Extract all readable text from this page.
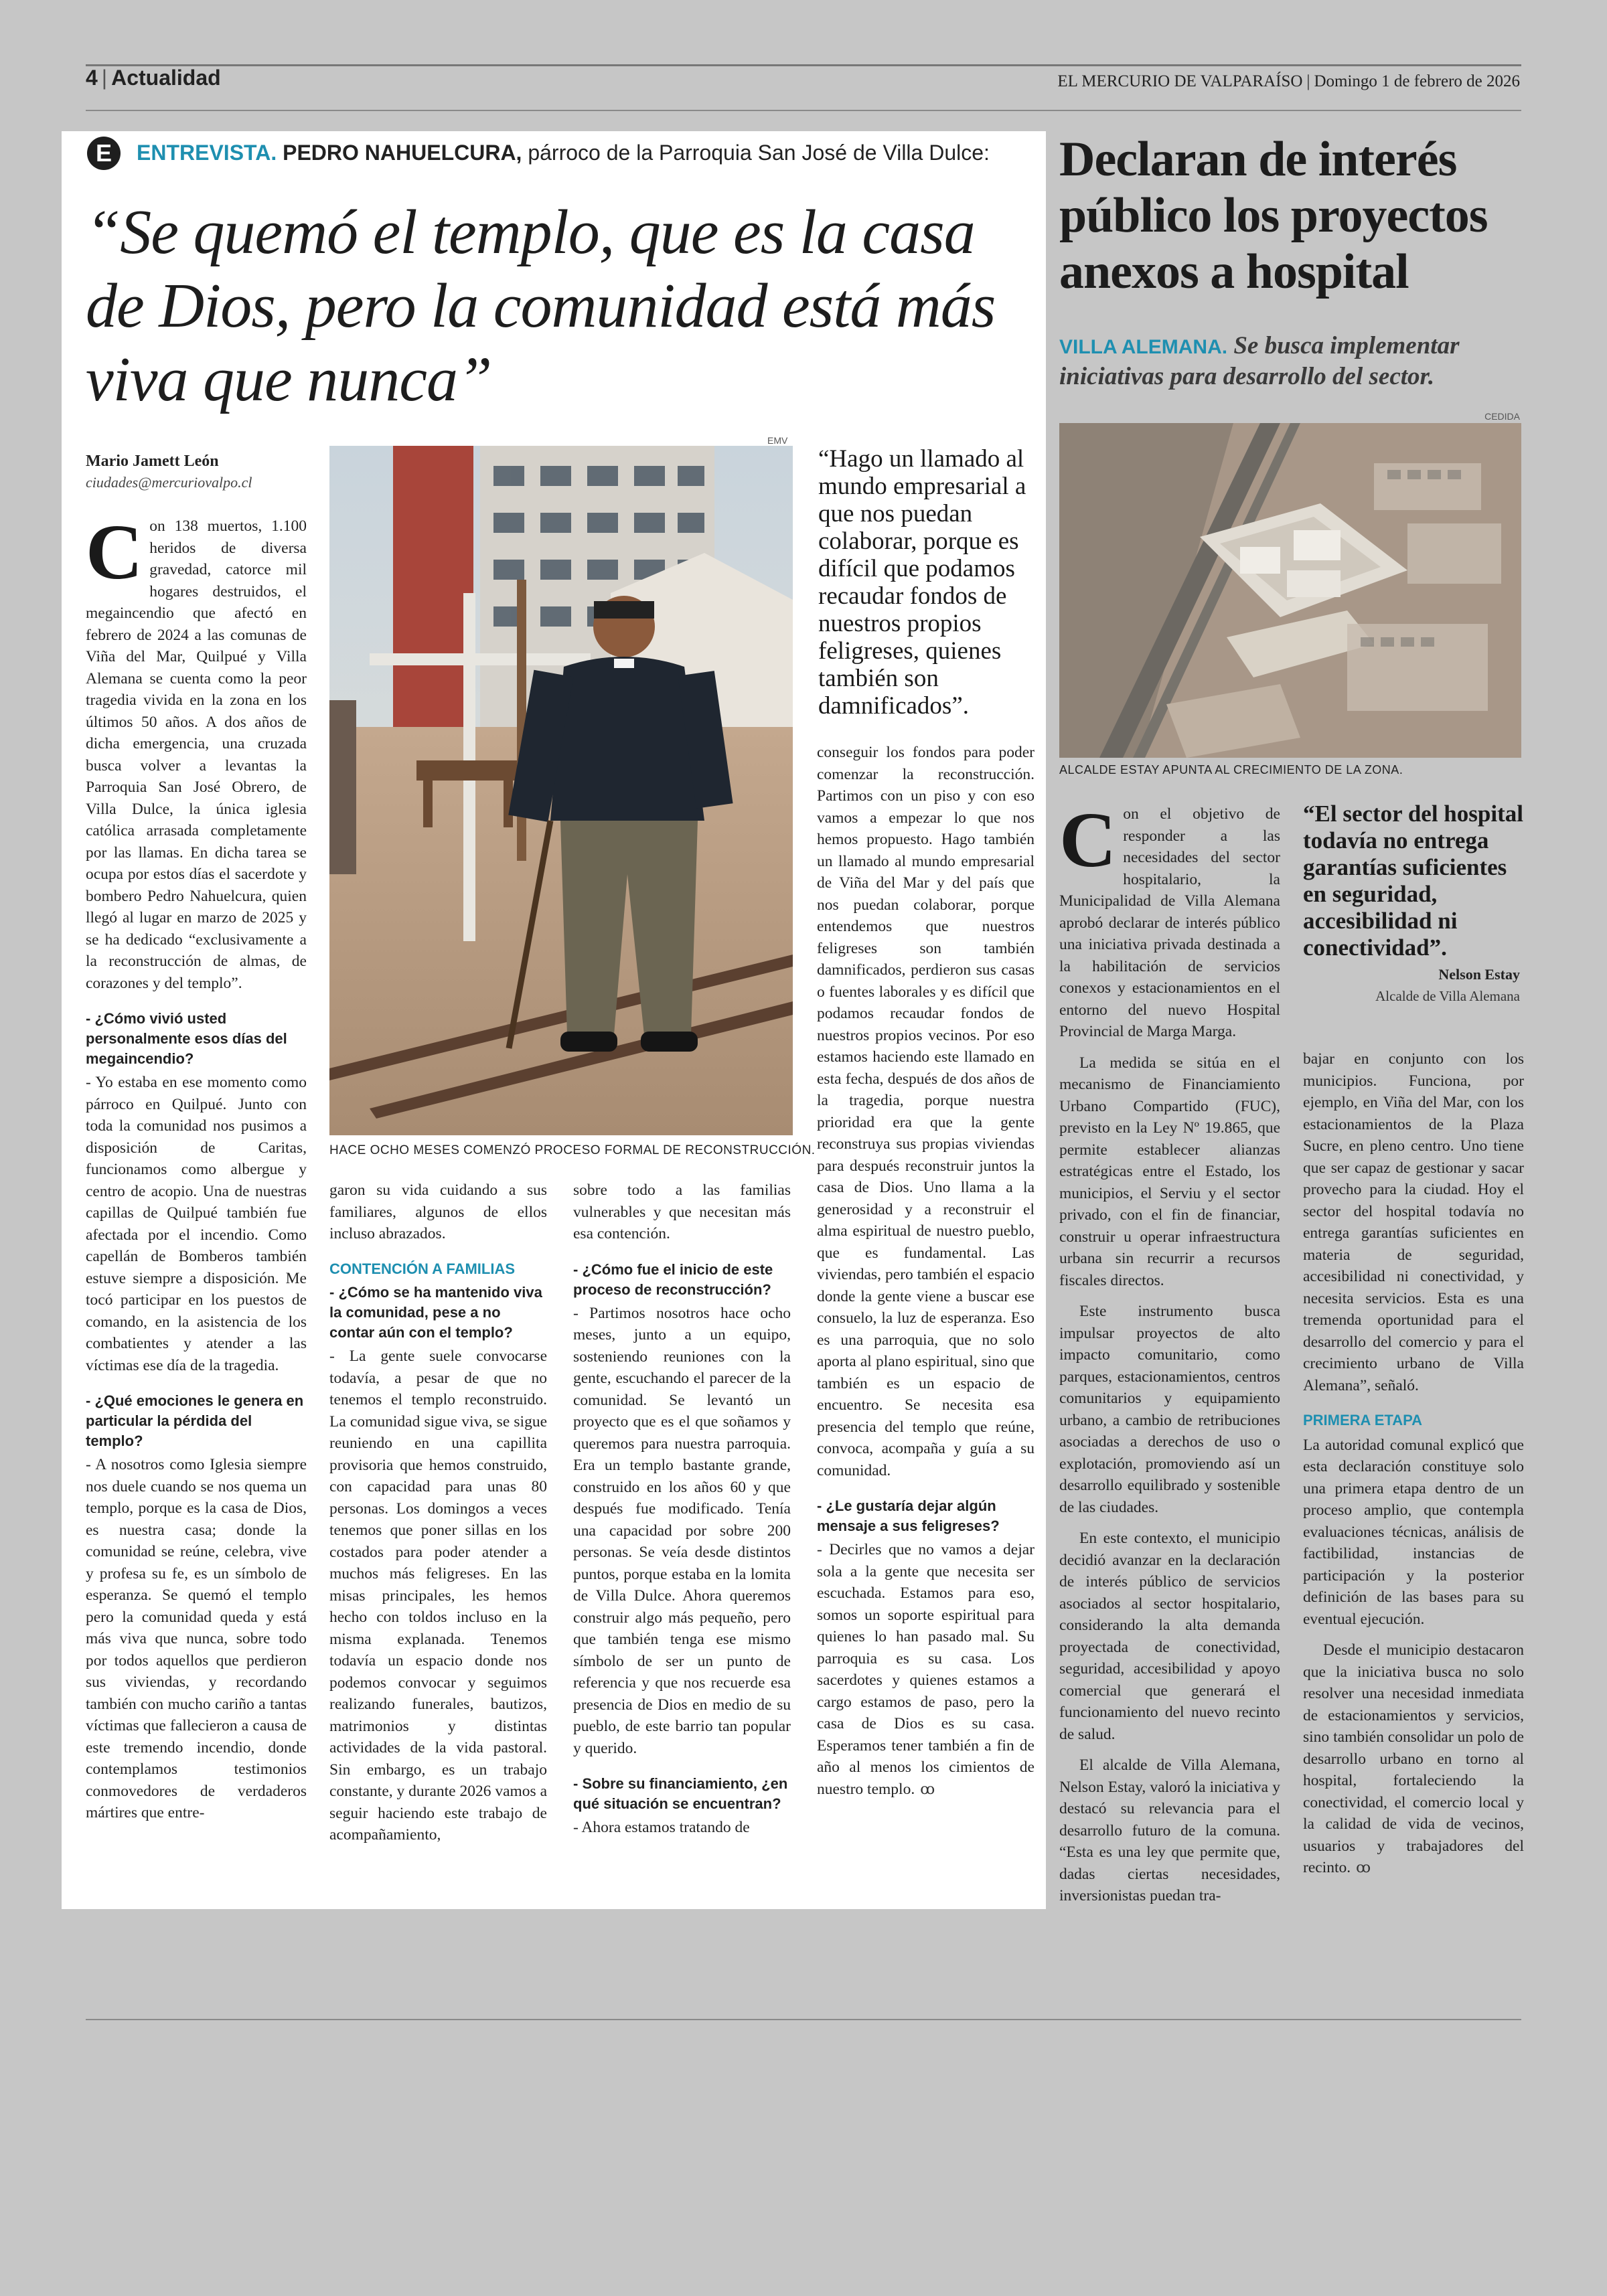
4 | Actualidad	EL MERCURIO DE VALPARAÍSO | Domingo 1 de febrero de 2026
E	ENTREVISTA. PEDRO NAHUELCURA, párroco de la Parroquia San José de Villa Dulce:
“Se quemó el templo, que es la casa de Dios, pero la comunidad está más viva que nunca”
Mario Jamett León
ciudades@mercuriovalpo.cl
EMV
HACE OCHO MESES COMENZÓ PROCESO FORMAL DE RECONSTRUCCIÓN.
“Hago un llamado al mundo empresarial a que nos puedan colaborar, porque es difícil que podamos recaudar fondos de nuestros propios feligreses, quienes también son damnificados”.

Con 138 muertos, 1.100 heridos de diversa gravedad, catorce mil hogares destruidos, el megaincendio que afectó en febrero de 2024 a las comunas de Viña del Mar, Quilpué y Villa Alemana se cuenta como la peor tragedia vivida en la zona en los últimos 50 años. A dos años de dicha emergencia, una cruzada busca volver a levantas la Parroquia San José Obrero, de Villa Dulce, la única iglesia católica arrasada completamente por las llamas. En dicha tarea se ocupa por estos días el sacerdote y bombero Pedro Nahuelcura, quien llegó al lugar en marzo de 2025 y se ha dedicado “exclusivamente a la reconstrucción de almas, de corazones y del templo”.

- ¿Cómo vivió usted personalmente esos días del megaincendio?

- Yo estaba en ese momento como párroco en Quilpué. Junto con toda la comunidad nos pusimos a disposición de Caritas, funcionamos como albergue y centro de acopio. Una de nuestras capillas de Quilpué también fue afectada por el incendio. Como capellán de Bomberos también estuve siempre a disposición. Me tocó participar en los puestos de comando, en la asistencia de los combatientes y atender a las víctimas ese día de la tragedia.

- ¿Qué emociones le genera en particular la pérdida del templo?

- A nosotros como Iglesia siempre nos duele cuando se nos quema un templo, porque es la casa de Dios, es nuestra casa; donde la comunidad se reúne, celebra, vive y profesa su fe, es un símbolo de esperanza. Se quemó el templo pero la comunidad queda y está más viva que nunca, sobre todo por todos aquellos que perdieron sus viviendas, y recordando también con mucho cariño a tantas víctimas que fallecieron a causa de este tremendo incendio, donde contemplamos testimonios conmovedores de verdaderos mártires que entre-

garon su vida cuidando a sus familiares, algunos de ellos incluso abrazados.

CONTENCIÓN A FAMILIAS
- ¿Cómo se ha mantenido viva la comunidad, pese a no contar aún con el templo?

- La gente suele convocarse todavía, a pesar de que no tenemos el templo reconstruido. La comunidad sigue viva, se sigue reuniendo en una capillita provisoria que hemos construido, con capacidad para unas 80 personas. Los domingos a veces tenemos que poner sillas en los costados para poder atender a muchos más feligreses. En las misas principales, les hemos hecho con toldos incluso en la misma explanada. Tenemos todavía un espacio donde nos podemos convocar y seguimos realizando funerales, bautizos, matrimonios y distintas actividades de la vida pastoral. Sin embargo, es un trabajo constante, y durante 2026 vamos a seguir haciendo este trabajo de acompañamiento,

sobre todo a las familias vulnerables y que necesitan más esa contención.

- ¿Cómo fue el inicio de este proceso de reconstrucción?

- Partimos nosotros hace ocho meses, junto a un equipo, sosteniendo reuniones con la gente, escuchando el parecer de la comunidad. Se levantó un proyecto que es el que soñamos y queremos para nuestra parroquia. Era un templo bastante grande, construido en los años 60 y que después fue modificado. Tenía una capacidad por sobre 200 personas. Se veía desde distintos puntos, porque estaba en la lomita de Villa Dulce. Ahora queremos construir algo más pequeño, pero que también tenga ese mismo símbolo de ser un punto de referencia y que nos recuerde esa presencia de Dios en medio de su pueblo, de este barrio tan popular y querido.

- Sobre su financiamiento, ¿en qué situación se encuentran?

- Ahora estamos tratando de

conseguir los fondos para poder comenzar la reconstrucción. Partimos con un piso y con eso vamos a empezar lo que nos hemos propuesto. Hago también un llamado al mundo empresarial de Viña del Mar y del país que nos puedan colaborar, porque entendemos que nuestros feligreses son también damnificados, perdieron sus casas o fuentes laborales y es difícil que podamos recaudar fondos de nuestros propios vecinos. Por eso estamos haciendo este llamado en esta fecha, después de dos años de la tragedia, porque nuestra prioridad era que la gente reconstruya sus propias viviendas para después reconstruir juntos la casa de Dios. Uno llama a la generosidad y a reconstruir el alma espiritual de nuestro pueblo, que es fundamental. Las viviendas, pero también el espacio donde la gente viene a buscar ese consuelo, la luz de esperanza. Eso es una parroquia, que no solo aporta al plano espiritual, sino que también es un espacio de encuentro. Se necesita esa presencia del templo que reúne, convoca, acompaña y guía a su comunidad.

- ¿Le gustaría dejar algún mensaje a sus feligreses?

- Decirles que no vamos a dejar sola a la gente que necesita ser escuchada. Estamos para eso, somos un soporte espiritual para quienes lo han pasado mal. Su parroquia es su casa. Los sacerdotes y quienes estamos a cargo estamos de paso, pero la casa de Dios es su casa. Esperamos tener también a fin de año al menos los cimientos de nuestro templo. ꝏ

Declaran de interés público los proyectos anexos a hospital
VILLA ALEMANA. Se busca implementar iniciativas para desarrollo del sector.
CEDIDA
ALCALDE ESTAY APUNTA AL CRECIMIENTO DE LA ZONA.

Con el objetivo de responder a las necesidades del sector hospitalario, la Municipalidad de Villa Alemana aprobó declarar de interés público una iniciativa privada destinada a la habilitación de servicios conexos y estacionamientos en el entorno del nuevo Hospital Provincial de Marga Marga.

La medida se sitúa en el mecanismo de Financiamiento Urbano Compartido (FUC), previsto en la Ley Nº 19.865, que permite establecer alianzas estratégicas entre el Estado, los municipios, el Serviu y el sector privado, con el fin de financiar, construir u operar infraestructura urbana sin recurrir a recursos fiscales directos.

Este instrumento busca impulsar proyectos de alto impacto comunitario, como parques, estacionamientos, centros comunitarios y equipamiento urbano, a cambio de retribuciones asociadas a derechos de uso o explotación, promoviendo así un desarrollo equilibrado y sostenible de las ciudades.

En este contexto, el municipio decidió avanzar en la declaración de interés público de servicios asociados al sector hospitalario, considerando la alta demanda proyectada de conectividad, seguridad, accesibilidad y apoyo comercial que generará el funcionamiento del nuevo recinto de salud.

El alcalde de Villa Alemana, Nelson Estay, valoró la iniciativa y destacó su relevancia para el desarrollo futuro de la comuna. “Esta es una ley que permite que, dadas ciertas necesidades, inversionistas puedan tra-

“El sector del hospital todavía no entrega garantías suficientes en seguridad, accesibilidad ni conectividad”.
Nelson Estay
Alcalde de Villa Alemana

bajar en conjunto con los municipios. Funciona, por ejemplo, en Viña del Mar, con los estacionamientos de la Plaza Sucre, en pleno centro. Uno tiene que ser capaz de gestionar y sacar provecho para la ciudad. Hoy el sector del hospital todavía no entrega garantías suficientes en materia de seguridad, accesibilidad ni conectividad, y necesita servicios. Esta es una tremenda oportunidad para el desarrollo del comercio y para el crecimiento urbano de Villa Alemana”, señaló.

PRIMERA ETAPA

La autoridad comunal explicó que esta declaración constituye solo una primera etapa dentro de un proceso amplio, que contempla evaluaciones técnicas, análisis de factibilidad, instancias de participación y la posterior definición de las bases para su eventual ejecución.

Desde el municipio destacaron que la iniciativa busca no solo resolver una necesidad inmediata de estacionamientos y servicios, sino también consolidar un polo de desarrollo urbano en torno al hospital, fortaleciendo la conectividad, el comercio local y la calidad de vida de vecinos, usuarios y trabajadores del recinto. ꝏ
